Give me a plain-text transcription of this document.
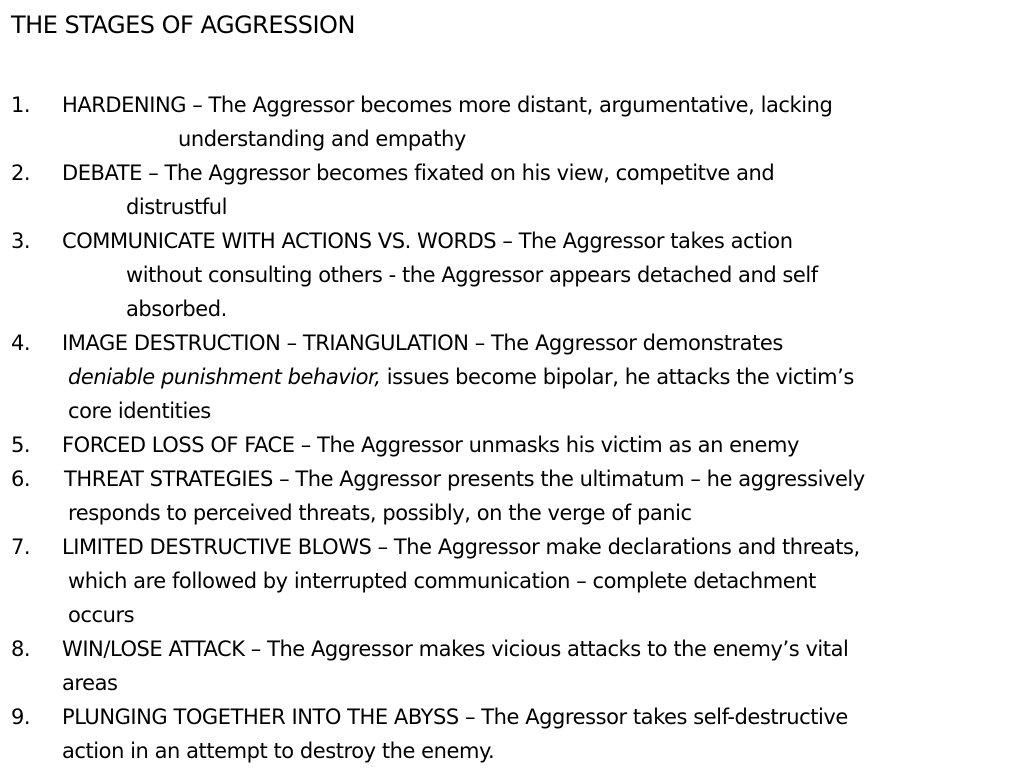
THE STAGES OF AGGRESSION
1. HARDENING – The Aggressor becomes more distant, argumentative, lacking
understanding and empathy
2. DEBATE – The Aggressor becomes fixated on his view, competitve and
distrustful
3. COMMUNICATE WITH ACTIONS VS. WORDS – The Aggressor takes action
without consulting others - the Aggressor appears detached and self
absorbed.
4. IMAGE DESTRUCTION – TRIANGULATION – The Aggressor demonstrates
deniable punishment behavior, issues become bipolar, he attacks the victim’s
core identities
5. FORCED LOSS OF FACE – The Aggressor unmasks his victim as an enemy
6. THREAT STRATEGIES – The Aggressor presents the ultimatum – he aggressively
responds to perceived threats, possibly, on the verge of panic
7. LIMITED DESTRUCTIVE BLOWS – The Aggressor make declarations and threats,
which are followed by interrupted communication – complete detachment
occurs
8. WIN/LOSE ATTACK – The Aggressor makes vicious attacks to the enemy’s vital
areas
9. PLUNGING TOGETHER INTO THE ABYSS – The Aggressor takes self-destructive
action in an attempt to destroy the enemy.
